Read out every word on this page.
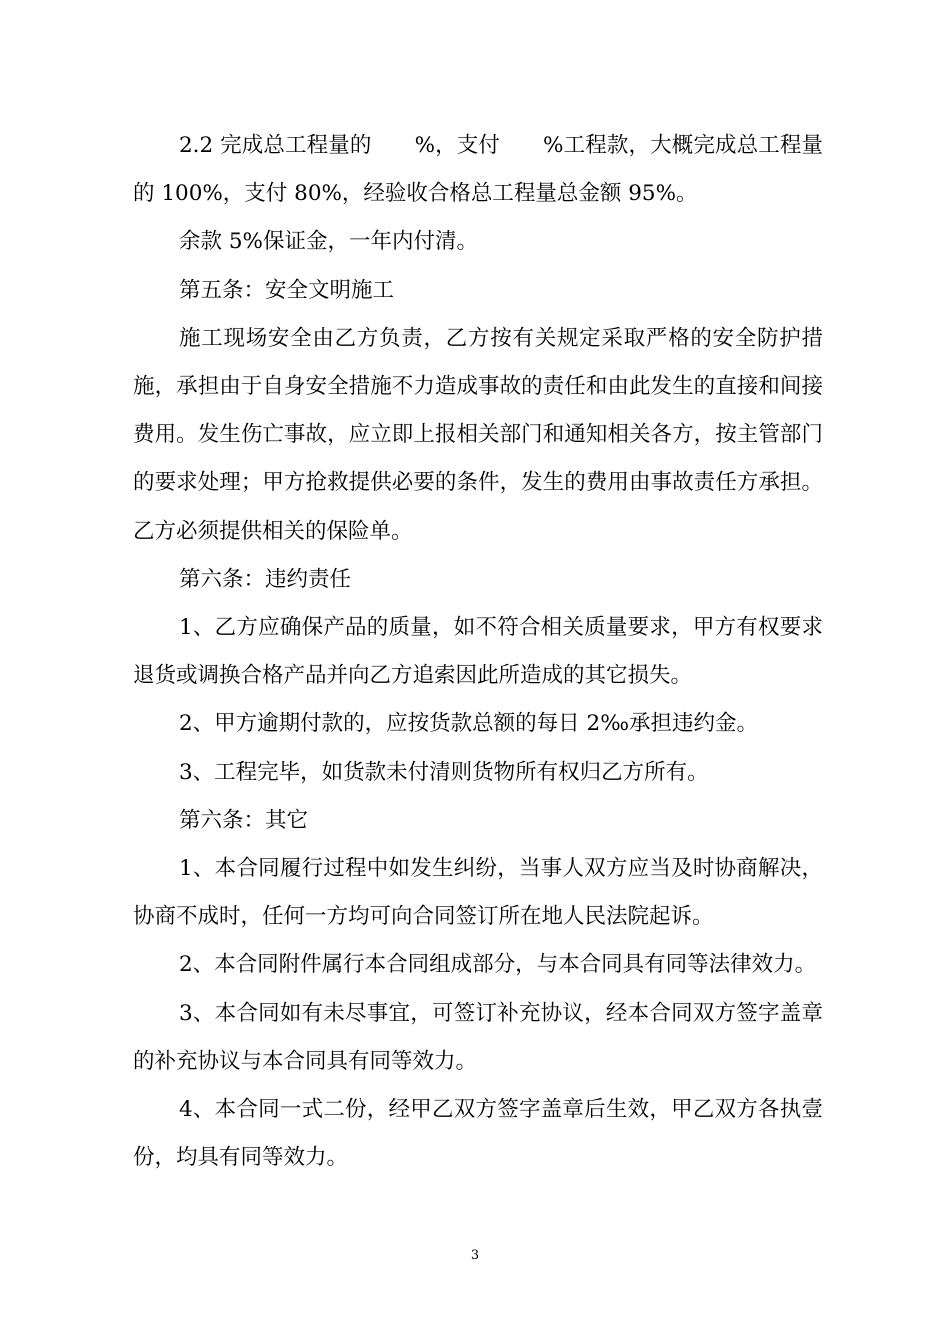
2.2 完成总工程量的  %，支付  %工程款，大概完成总工程量的 100%，支付 80%，经验收合格总工程量总金额 95%。

余款 5%保证金，一年内付清。

第五条：安全文明施工

施工现场安全由乙方负责，乙方按有关规定采取严格的安全防护措施，承担由于自身安全措施不力造成事故的责任和由此发生的直接和间接费用。发生伤亡事故，应立即上报相关部门和通知相关各方，按主管部门的要求处理；甲方抢救提供必要的条件，发生的费用由事故责任方承担。乙方必须提供相关的保险单。

第六条：违约责任

1、乙方应确保产品的质量，如不符合相关质量要求，甲方有权要求退货或调换合格产品并向乙方追索因此所造成的其它损失。

2、甲方逾期付款的，应按货款总额的每日 2‰承担违约金。

3、工程完毕，如货款未付清则货物所有权归乙方所有。

第六条：其它

1、本合同履行过程中如发生纠纷，当事人双方应当及时协商解决，协商不成时，任何一方均可向合同签订所在地人民法院起诉。

2、本合同附件属行本合同组成部分，与本合同具有同等法律效力。

3、本合同如有未尽事宜，可签订补充协议，经本合同双方签字盖章的补充协议与本合同具有同等效力。

4、本合同一式二份，经甲乙双方签字盖章后生效，甲乙双方各执壹份，均具有同等效力。

3
